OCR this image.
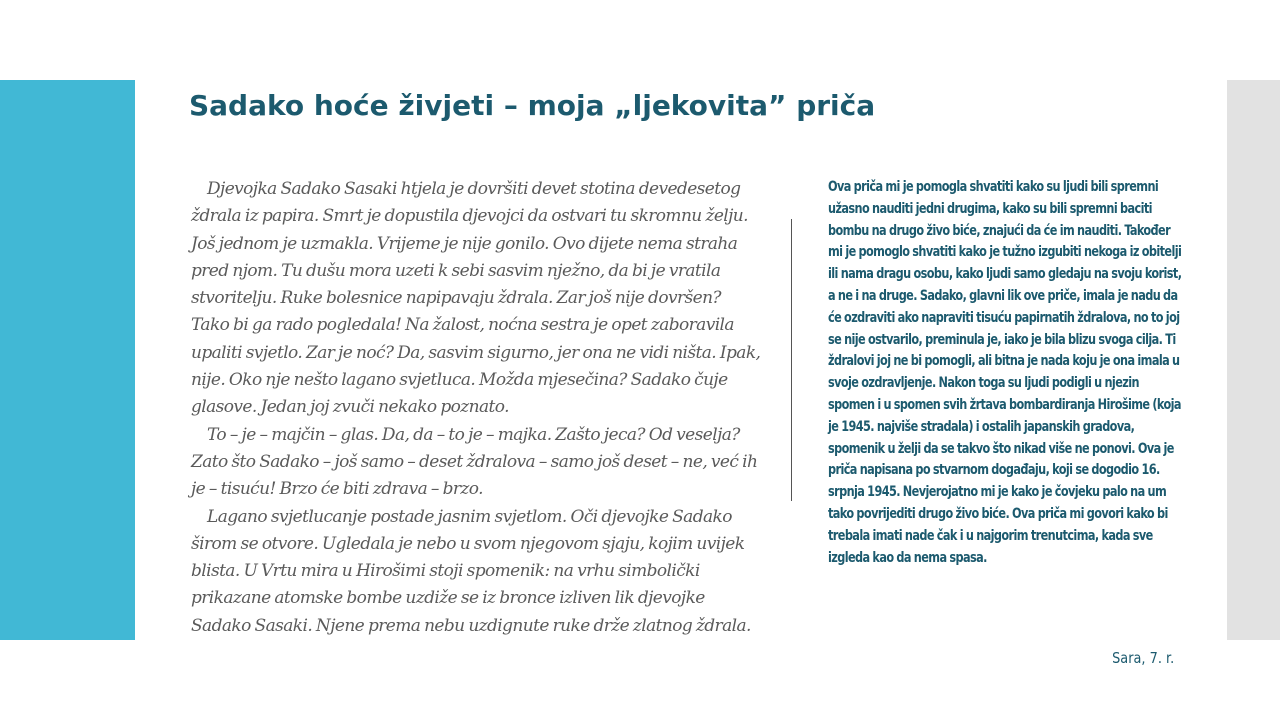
Sadako hoće živjeti – moja „ljekovita” priča

Djevojka Sadako Sasaki htjela je dovršiti devet stotina devedesetog ždrala iz papira. Smrt je dopustila djevojci da ostvari tu skromnu želju. Još jednom je uzmakla. Vrijeme je nije gonilo. Ovo dijete nema straha pred njom. Tu dušu mora uzeti k sebi sasvim nježno, da bi je vratila stvoritelju. Ruke bolesnice napipavaju ždrala. Zar još nije dovršen? Tako bi ga rado pogledala! Na žalost, noćna sestra je opet zaboravila upaliti svjetlo. Zar je noć? Da, sasvim sigurno, jer ona ne vidi ništa. Ipak, nije. Oko nje nešto lagano svjetluca. Možda mjesečina? Sadako čuje glasove. Jedan joj zvuči nekako poznato.

To – je – majčin – glas. Da, da – to je – majka. Zašto jeca? Od veselja? Zato što Sadako – još samo – deset ždralova – samo još deset – ne, već ih je – tisuću! Brzo će biti zdrava – brzo.

Lagano svjetlucanje postade jasnim svjetlom. Oči djevojke Sadako širom se otvore. Ugledala je nebo u svom njegovom sjaju, kojim uvijek blista. U Vrtu mira u Hirošimi stoji spomenik: na vrhu simbolički prikazane atomske bombe uzdiže se iz bronce izliven lik djevojke Sadako Sasaki. Njene prema nebu uzdignute ruke drže zlatnog ždrala.

Ova priča mi je pomogla shvatiti kako su ljudi bili spremni užasno nauditi jedni drugima, kako su bili spremni baciti bombu na drugo živo biće, znajući da će im nauditi. Također mi je pomoglo shvatiti kako je tužno izgubiti nekoga iz obitelji ili nama dragu osobu, kako ljudi samo gledaju na svoju korist, a ne i na druge. Sadako, glavni lik ove priče, imala je nadu da će ozdraviti ako napraviti tisuću papirnatih ždralova, no to joj se nije ostvarilo, preminula je, iako je bila blizu svoga cilja. Ti ždralovi joj ne bi pomogli, ali bitna je nada koju je ona imala u svoje ozdravljenje. Nakon toga su ljudi podigli u njezin spomen i u spomen svih žrtava bombardiranja Hirošime (koja je 1945. najviše stradala) i ostalih japanskih gradova, spomenik u želji da se takvo što nikad više ne ponovi. Ova je priča napisana po stvarnom događaju, koji se dogodio 16. srpnja 1945. Nevjerojatno mi je kako je čovjeku palo na um tako povrijediti drugo živo biće. Ova priča mi govori kako bi trebala imati nade čak i u najgorim trenutcima, kada sve izgleda kao da nema spasa.
Sara, 7. r.
